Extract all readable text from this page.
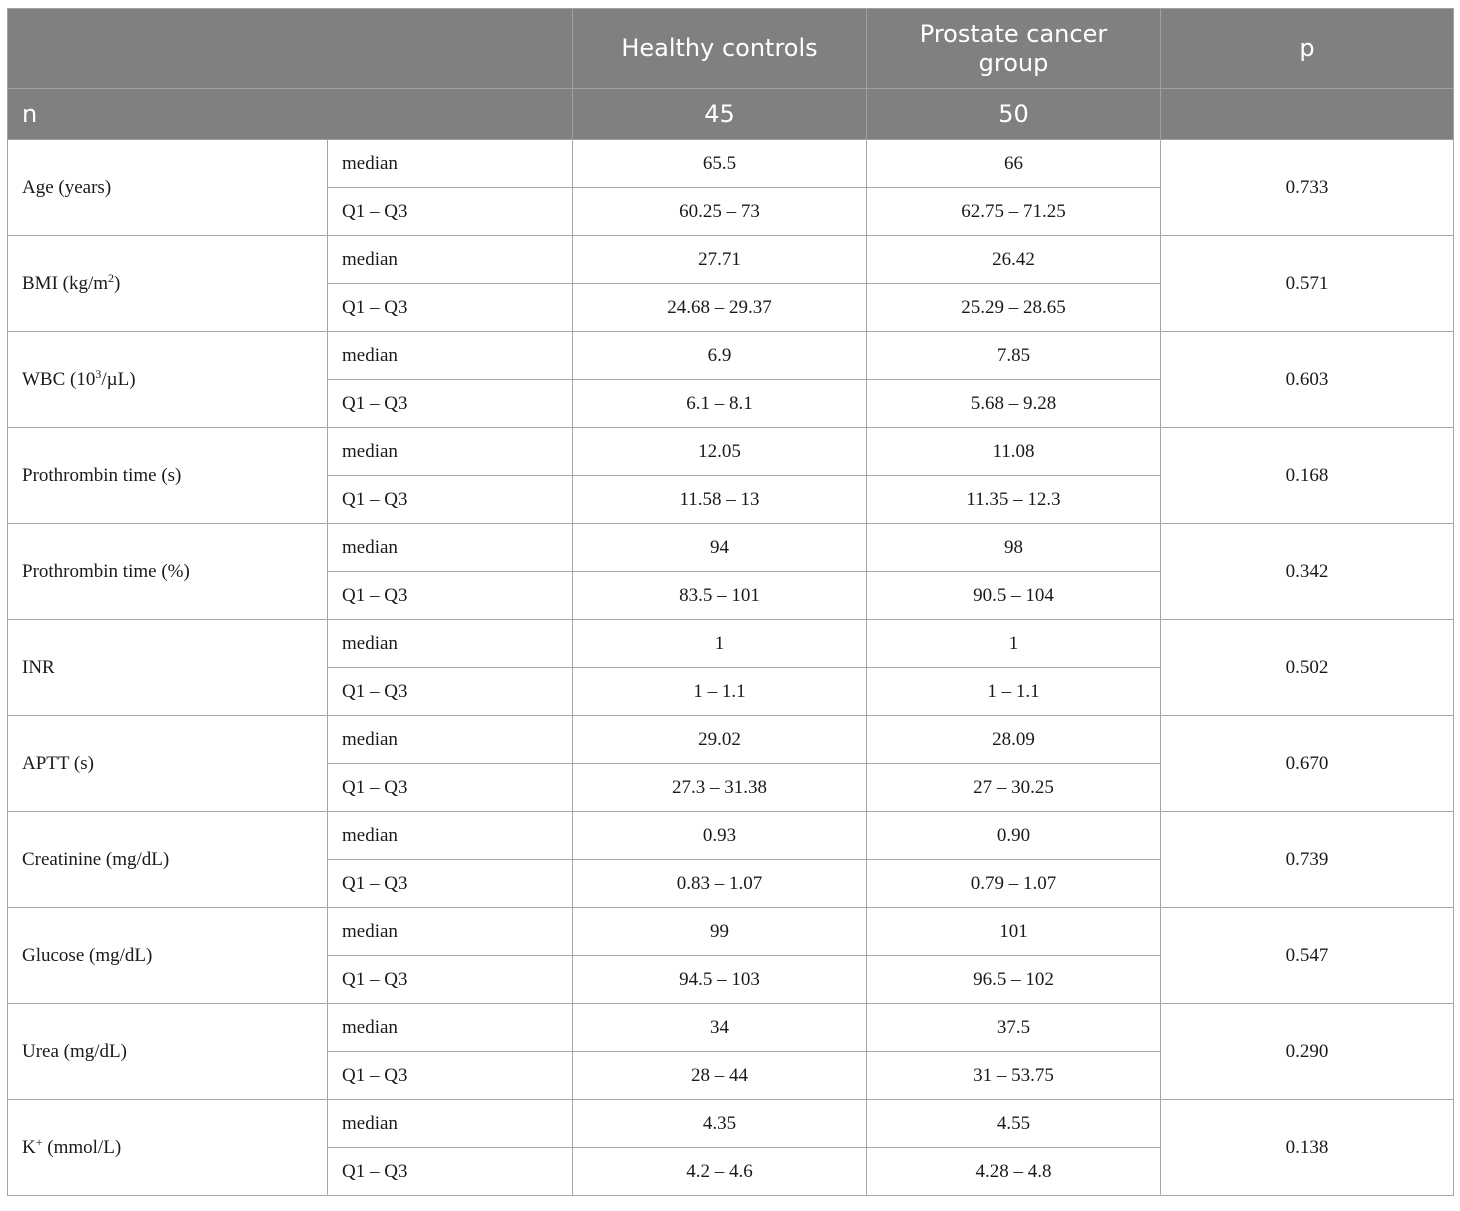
		Healthy controls	Prostate cancer group	p
n		45	50	
Age (years)	median	65.5	66	0.733
	Q1 – Q3	60.25 – 73	62.75 – 71.25	
BMI $(kg/m^2)$	median	27.71	26.42	0.571
	Q1 – Q3	24.68 – 29.37	25.29 – 28.65	
WBC $(10^3/\mu L)$	median	6.9	7.85	0.603
	Q1 – Q3	6.1 – 8.1	5.68 – 9.28	
Prothrombin time (s)	median	12.05	11.08	0.168
	Q1 – Q3	11.58 – 13	11.35 – 12.3	
Prothrombin time (%)	median	94	98	0.342
	Q1 – Q3	83.5 – 101	90.5 – 104	
INR	median	1	1	0.502
	Q1 – Q3	1 – 1.1	1 – 1.1	
APTT (s)	median	29.02	28.09	0.670
	Q1 – Q3	27.3 – 31.38	27 – 30.25	
Creatinine (mg/dL)	median	0.93	0.90	0.739
	Q1 – Q3	0.83 – 1.07	0.79 – 1.07	
Glucose (mg/dL)	median	99	101	0.547
	Q1 – Q3	94.5 – 103	96.5 – 102	
Urea (mg/dL)	median	34	37.5	0.290
	Q1 – Q3	28 – 44	31 – 53.75	
K+ (mmol/L)	median	4.35	4.55	0.138
	Q1 – Q3	4.2 – 4.6	4.28 – 4.8	
